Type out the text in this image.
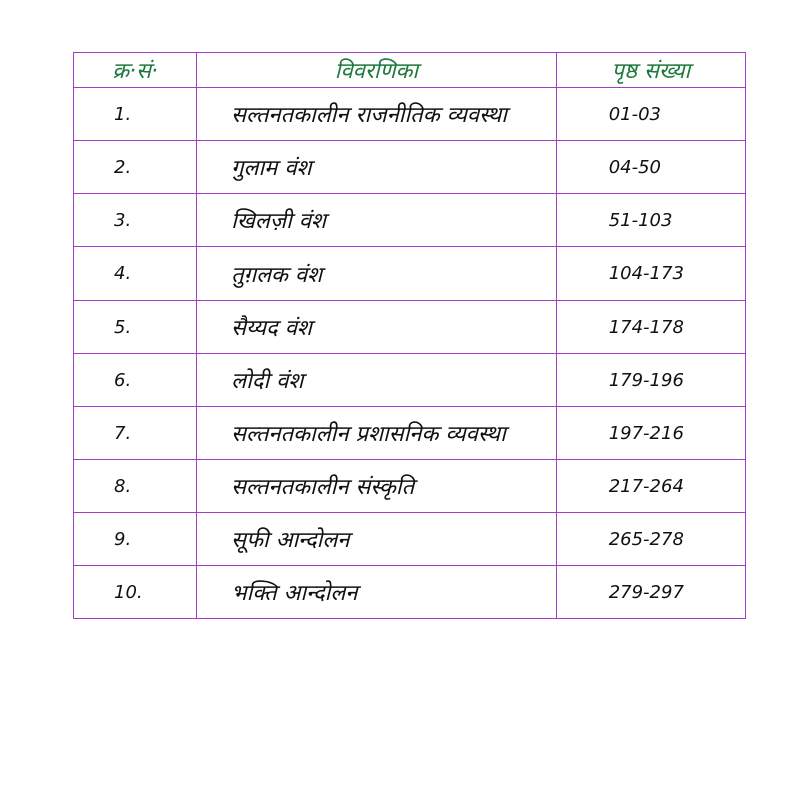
क्र·सं·	विवरणिका	पृष्ठ संख्या
1.	सल्तनतकालीन राजनीतिक व्यवस्था	01-03
2.	गुलाम वंश	04-50
3.	खिलज़ी वंश	51-103
4.	तुग़लक वंश	104-173
5.	सैय्यद वंश	174-178
6.	लोदी वंश	179-196
7.	सल्तनतकालीन प्रशासनिक व्यवस्था	197-216
8.	सल्तनतकालीन संस्कृति	217-264
9.	सूफी आन्दोलन	265-278
10.	भक्ति आन्दोलन	279-297
